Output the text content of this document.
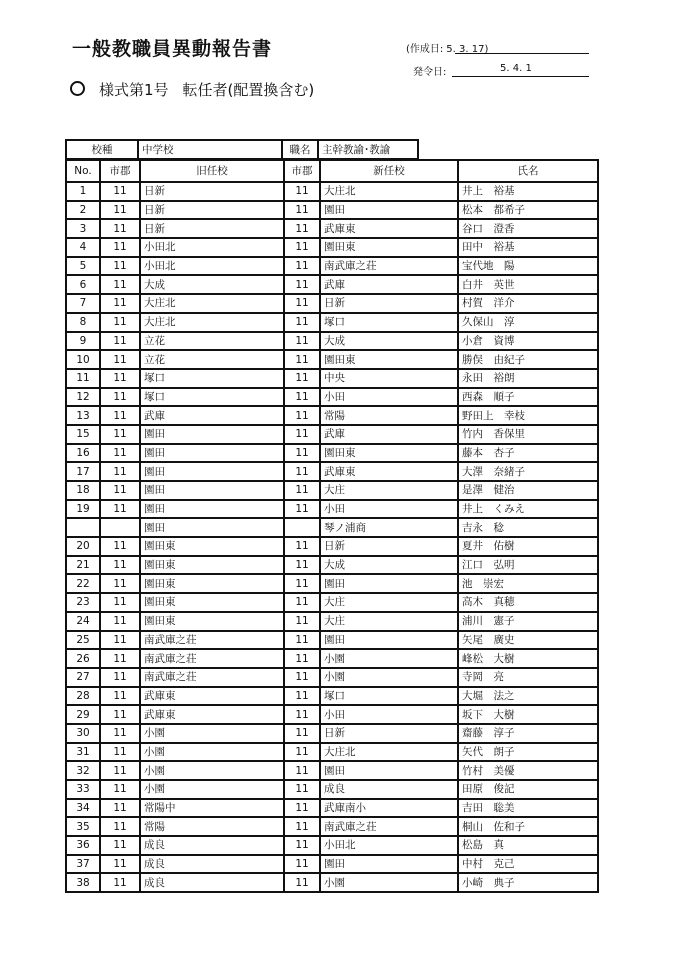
一般教職員異動報告書
様式第1号 転任者(配置換含む)
(作成日: 5. 3. 17)
発令日:	5. 4. 1
校種	中学校	職名	主幹教諭･教諭
No.	市郡	旧任校	市郡	新任校	氏名
1	11	日新	11	大庄北	井上　裕基
2	11	日新	11	園田	松本　都希子
3	11	日新	11	武庫東	谷口　澄香
4	11	小田北	11	園田東	田中　裕基
5	11	小田北	11	南武庫之荘	宝代地　陽
6	11	大成	11	武庫	白井　英世
7	11	大庄北	11	日新	村賀　洋介
8	11	大庄北	11	塚口	久保山　淳
9	11	立花	11	大成	小倉　資博
10	11	立花	11	園田東	勝俣　由紀子
11	11	塚口	11	中央	永田　裕朗
12	11	塚口	11	小田	西森　順子
13	11	武庫	11	常陽	野田上　幸枝
15	11	園田	11	武庫	竹内　香保里
16	11	園田	11	園田東	藤本　杏子
17	11	園田	11	武庫東	大澤　奈緒子
18	11	園田	11	大庄	是澤　健治
19	11	園田	11	小田	井上　くみえ
		園田		琴ノ浦商	吉永　稔
20	11	園田東	11	日新	夏井　佑樹
21	11	園田東	11	大成	江口　弘明
22	11	園田東	11	園田	池　崇宏
23	11	園田東	11	大庄	高木　真穂
24	11	園田東	11	大庄	浦川　憲子
25	11	南武庫之荘	11	園田	矢尾　廣史
26	11	南武庫之荘	11	小園	峰松　大樹
27	11	南武庫之荘	11	小園	寺岡　亮
28	11	武庫東	11	塚口	大堀　法之
29	11	武庫東	11	小田	坂下　大樹
30	11	小園	11	日新	齋藤　淳子
31	11	小園	11	大庄北	矢代　朗子
32	11	小園	11	園田	竹村　美優
33	11	小園	11	成良	田原　俊記
34	11	常陽中	11	武庫南小	吉田　聡美
35	11	常陽	11	南武庫之荘	桐山　佐和子
36	11	成良	11	小田北	松島　真
37	11	成良	11	園田	中村　克己
38	11	成良	11	小園	小崎　典子
